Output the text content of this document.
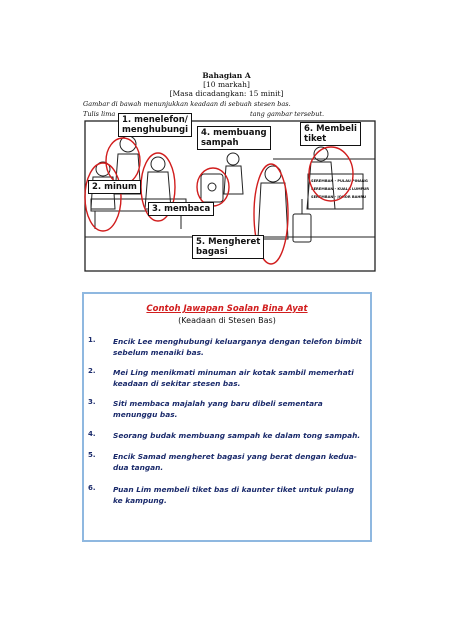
Bahagian A
[10 markah]
[Masa dicadangkan: 15 minit]
Gambar di bawah menunjukkan keadaan di sebuah stesen bas.
Tulis lima	tang gambar tersebut.
SEREMBAN - PULAU PINANG
SEREMBAN - KUALA LUMPUR
SEREMBAN - JOHOR BAHRU
1. menelefon/
menghubungi
2. minum
3. membaca
4. membuang
sampah
5. Mengheret
bagasi
6. Membeli
tiket
Contoh Jawapan Soalan Bina Ayat
(Keadaan di Stesen Bas)
1. Encik Lee menghubungi keluarganya dengan telefon bimbit sebelum menaiki bas.
2. Mei Ling menikmati minuman air kotak sambil memerhati keadaan di sekitar stesen bas.
3. Siti membaca majalah yang baru dibeli sementara menunggu bas.
4. Seorang budak membuang sampah ke dalam tong sampah.
5. Encik Samad mengheret bagasi yang berat dengan kedua-dua tangan.
6. Puan Lim membeli tiket bas di kaunter tiket untuk pulang ke kampung.
